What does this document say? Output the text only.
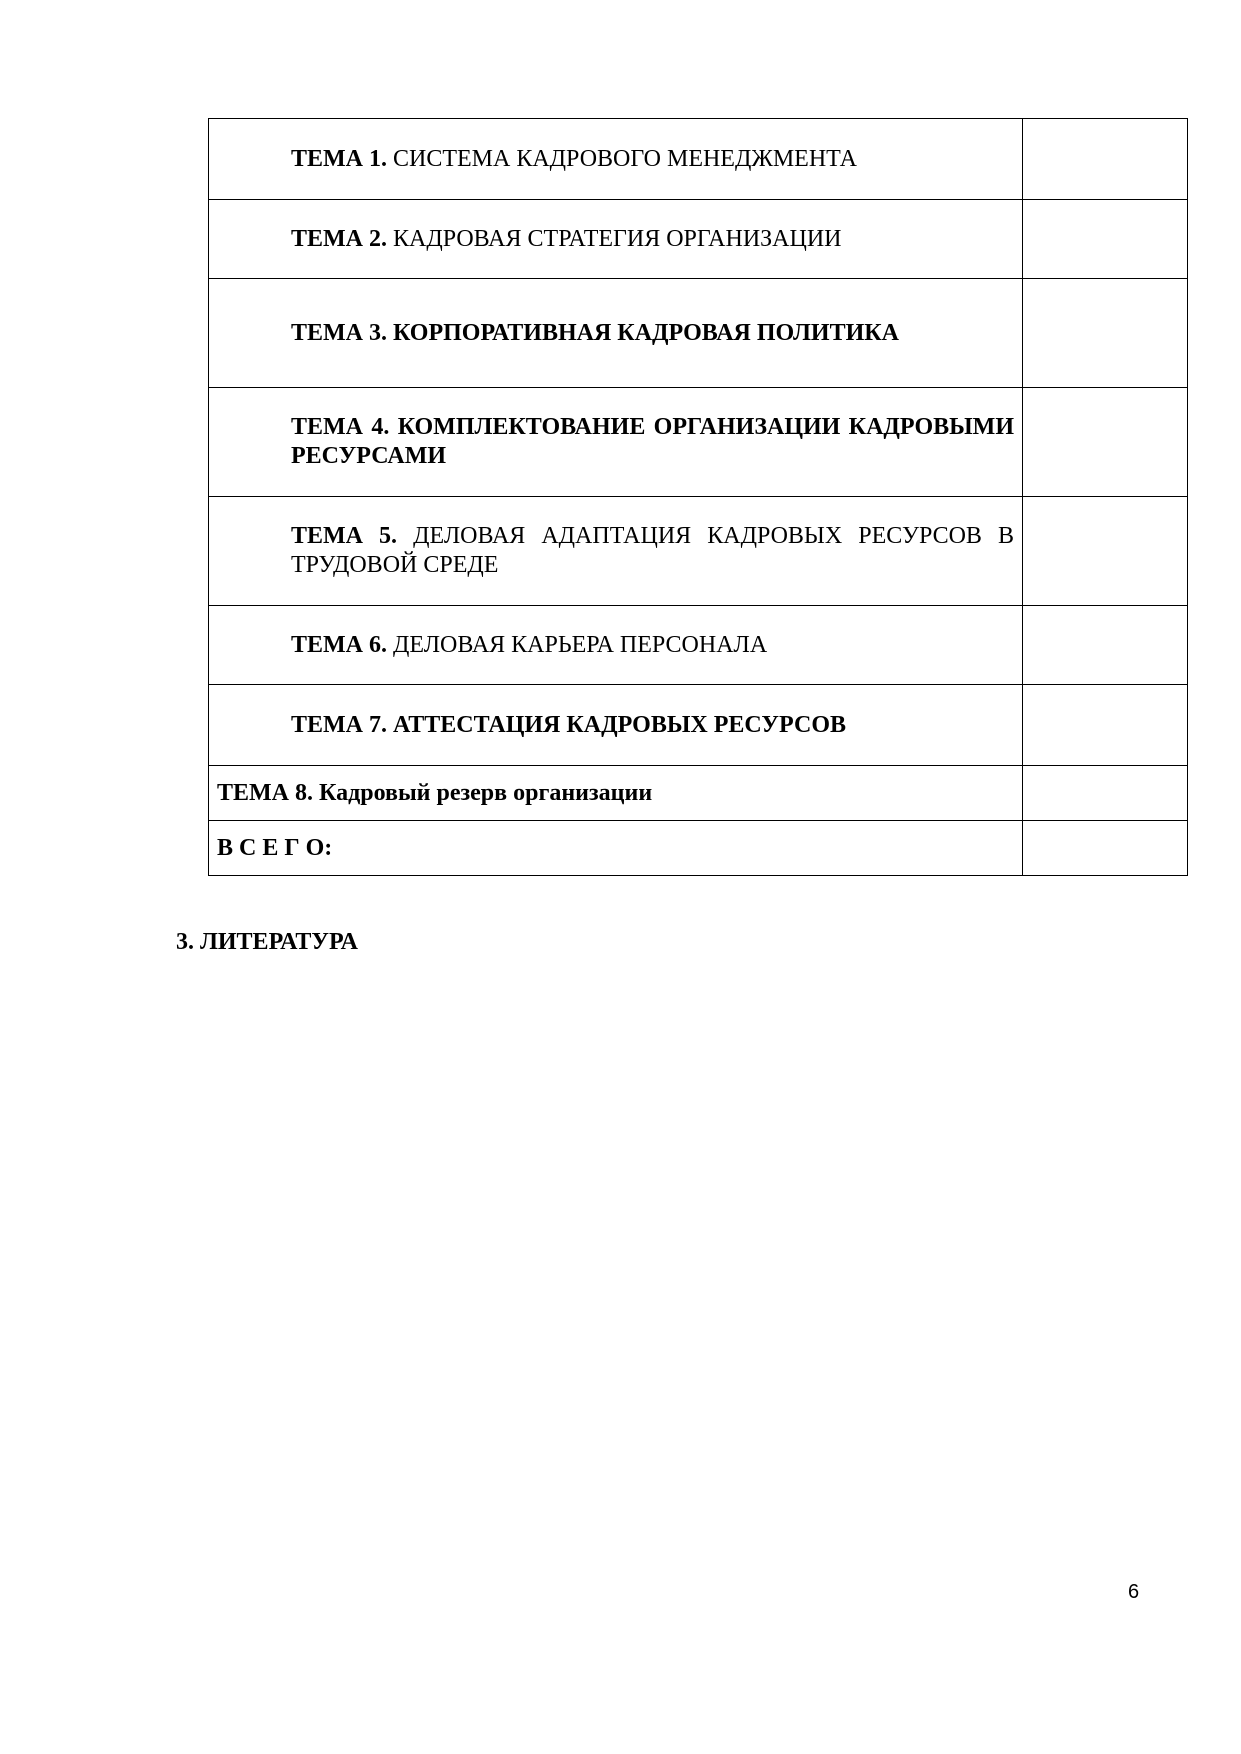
ТЕМА 1. СИСТЕМА КАДРОВОГО МЕНЕДЖМЕНТА	
ТЕМА 2. КАДРОВАЯ СТРАТЕГИЯ ОРГАНИЗАЦИИ	
ТЕМА 3. КОРПОРАТИВНАЯ КАДРОВАЯ ПОЛИТИКА	
ТЕМА 4. КОМПЛЕКТОВАНИЕ ОРГАНИЗАЦИИ КАДРОВЫМИ РЕСУРСАМИ	
ТЕМА 5. ДЕЛОВАЯ АДАПТАЦИЯ КАДРОВЫХ РЕСУРСОВ В ТРУДОВОЙ СРЕДЕ	
ТЕМА 6. ДЕЛОВАЯ КАРЬЕРА ПЕРСОНАЛА	
ТЕМА 7. АТТЕСТАЦИЯ КАДРОВЫХ РЕСУРСОВ	
ТЕМА 8. Кадровый резерв организации	
В С Е Г О:	
3. ЛИТЕРАТУРА
6
